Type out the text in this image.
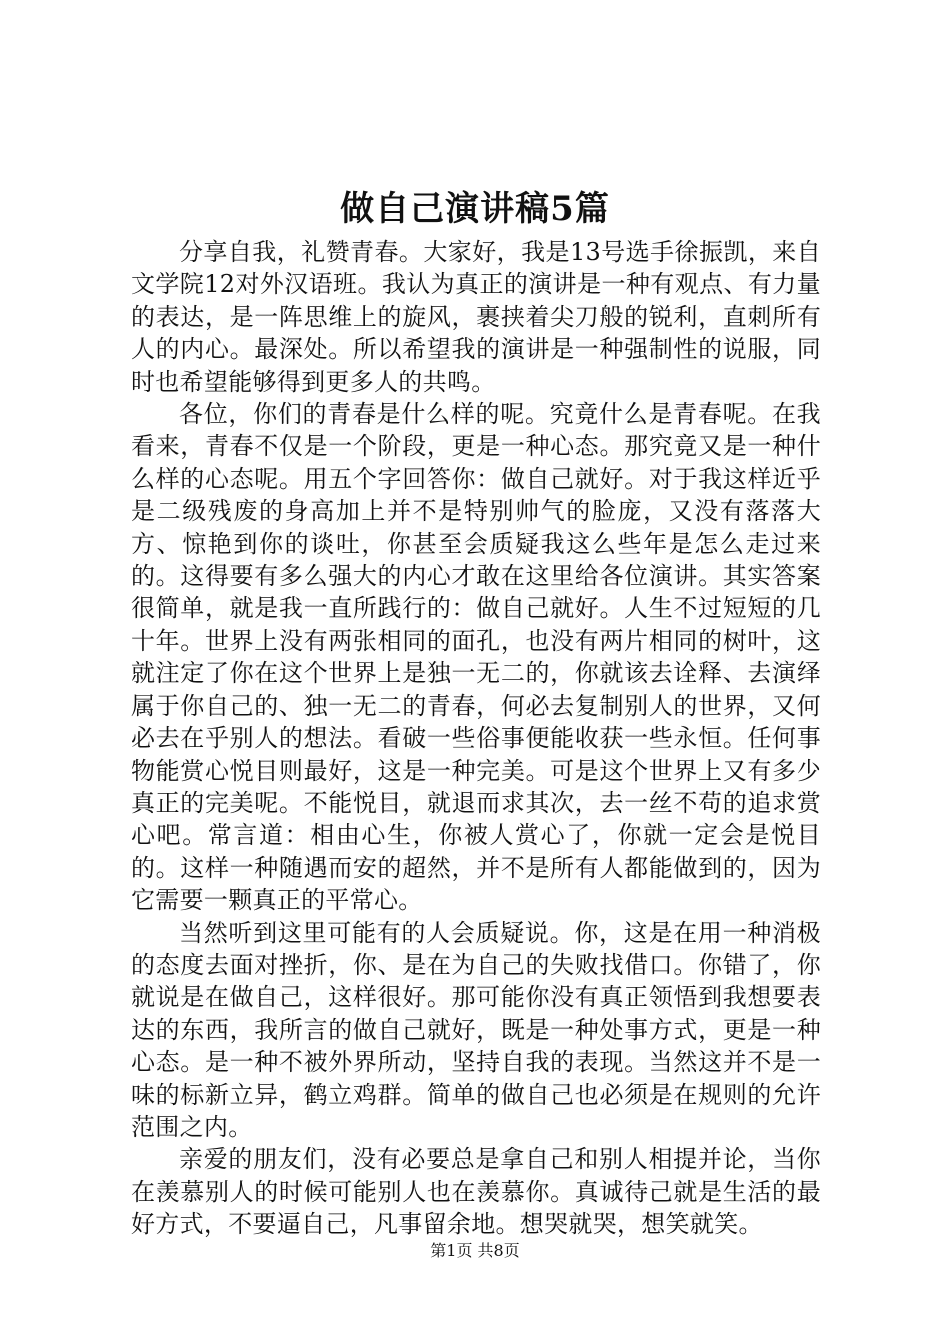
做自己演讲稿5篇

分享自我，礼赞青春。大家好，我是13号选手徐振凯，来自文学院12对外汉语班。我认为真正的演讲是一种有观点、有力量的表达，是一阵思维上的旋风，裹挟着尖刀般的锐利，直刺所有人的内心。最深处。所以希望我的演讲是一种强制性的说服，同时也希望能够得到更多人的共鸣。

各位，你们的青春是什么样的呢。究竟什么是青春呢。在我看来，青春不仅是一个阶段，更是一种心态。那究竟又是一种什么样的心态呢。用五个字回答你：做自己就好。对于我这样近乎是二级残废的身高加上并不是特别帅气的脸庞，又没有落落大方、惊艳到你的谈吐，你甚至会质疑我这么些年是怎么走过来的。这得要有多么强大的内心才敢在这里给各位演讲。其实答案很简单，就是我一直所践行的：做自己就好。人生不过短短的几十年。世界上没有两张相同的面孔，也没有两片相同的树叶，这就注定了你在这个世界上是独一无二的，你就该去诠释、去演绎属于你自己的、独一无二的青春，何必去复制别人的世界，又何必去在乎别人的想法。看破一些俗事便能收获一些永恒。任何事物能赏心悦目则最好，这是一种完美。可是这个世界上又有多少真正的完美呢。不能悦目，就退而求其次，去一丝不苟的追求赏心吧。常言道：相由心生，你被人赏心了，你就一定会是悦目的。这样一种随遇而安的超然，并不是所有人都能做到的，因为它需要一颗真正的平常心。

当然听到这里可能有的人会质疑说。你，这是在用一种消极的态度去面对挫折，你、是在为自己的失败找借口。你错了，你就说是在做自己，这样很好。那可能你没有真正领悟到我想要表达的东西，我所言的做自己就好，既是一种处事方式，更是一种心态。是一种不被外界所动，坚持自我的表现。当然这并不是一味的标新立异，鹤立鸡群。简单的做自己也必须是在规则的允许范围之内。

亲爱的朋友们，没有必要总是拿自己和别人相提并论，当你在羡慕别人的时候可能别人也在羡慕你。真诚待己就是生活的最好方式，不要逼自己，凡事留余地。想哭就哭，想笑就笑。

第1页 共8页
